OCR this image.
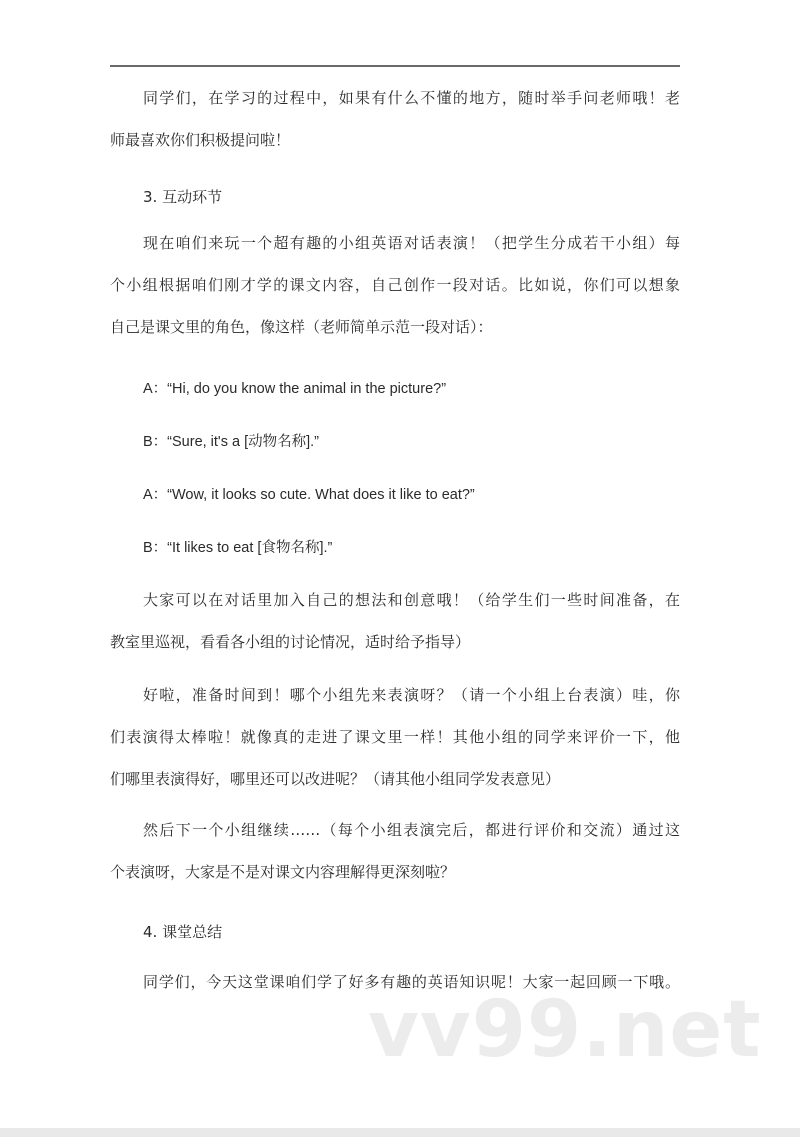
同学们，在学习的过程中，如果有什么不懂的地方，随时举手问老师哦！老
师最喜欢你们积极提问啦！
3. 互动环节
现在咱们来玩一个超有趣的小组英语对话表演！（把学生分成若干小组）每
个小组根据咱们刚才学的课文内容，自己创作一段对话。比如说，你们可以想象
自己是课文里的角色，像这样（老师简单示范一段对话）：
A：“Hi, do you know the animal in the picture?”
B：“Sure, it's a [动物名称].”
A：“Wow, it looks so cute. What does it like to eat?”
B：“It likes to eat [食物名称].”
大家可以在对话里加入自己的想法和创意哦！（给学生们一些时间准备，在
教室里巡视，看看各小组的讨论情况，适时给予指导）
好啦，准备时间到！哪个小组先来表演呀？（请一个小组上台表演）哇，你
们表演得太棒啦！就像真的走进了课文里一样！其他小组的同学来评价一下，他
们哪里表演得好，哪里还可以改进呢？（请其他小组同学发表意见）
然后下一个小组继续……（每个小组表演完后，都进行评价和交流）通过这
个表演呀，大家是不是对课文内容理解得更深刻啦？
4. 课堂总结
同学们，今天这堂课咱们学了好多有趣的英语知识呢！大家一起回顾一下哦。
vv99.net
